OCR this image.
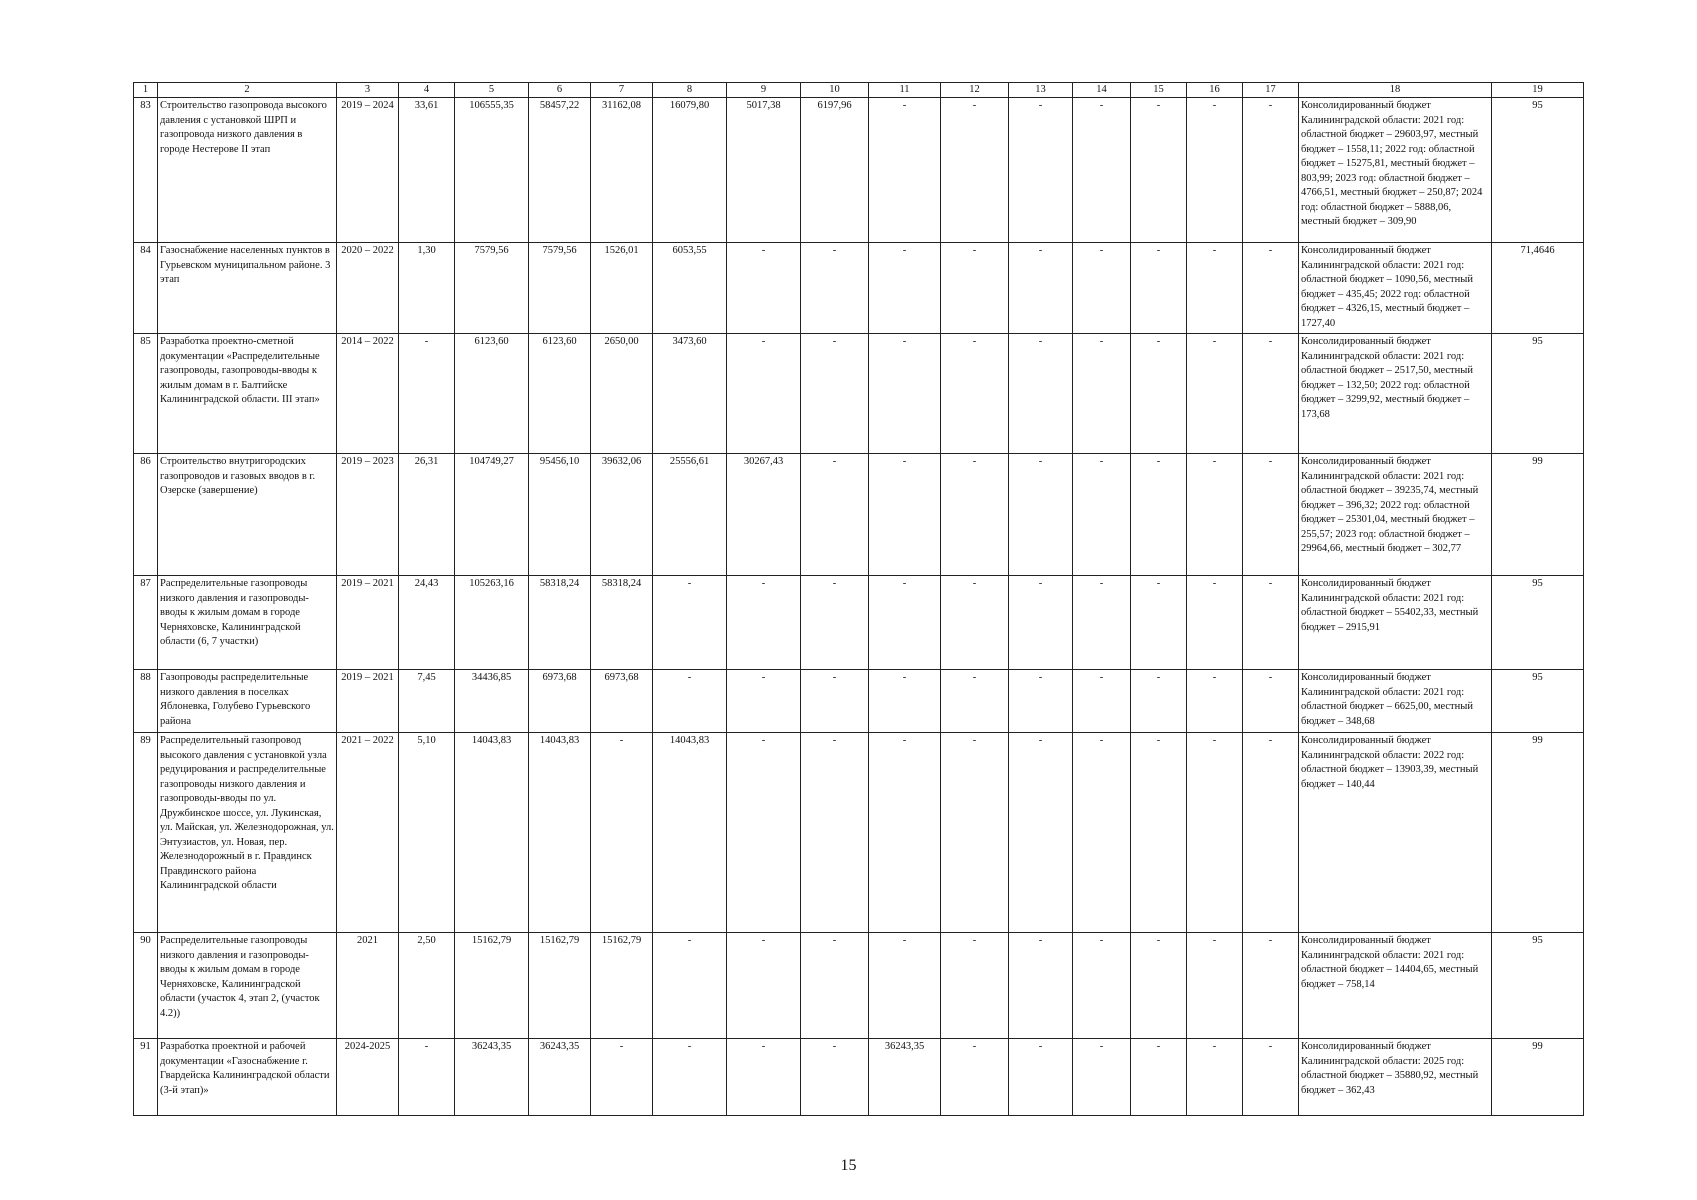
1	2	3	4	5	6	7	8	9	10	11	12	13	14	15	16	17	18	19
83	Строительство газопровода высокого давления с установкой ШРП и газопровода низкого давления в городе Нестерове II этап	2019 – 2024	33,61	106555,35	58457,22	31162,08	16079,80	5017,38	6197,96	-	-	-	-	-	-	-	Консолидированный бюджет Калининградской области: 2021 год: областной бюджет – 29603,97, местный бюджет – 1558,11; 2022 год: областной бюджет – 15275,81, местный бюджет – 803,99; 2023 год: областной бюджет – 4766,51, местный бюджет – 250,87; 2024 год: областной бюджет – 5888,06, местный бюджет – 309,90	95
84	Газоснабжение населенных пунктов в Гурьевском муниципальном районе. 3 этап	2020 – 2022	1,30	7579,56	7579,56	1526,01	6053,55	-	-	-	-	-	-	-	-	-	Консолидированный бюджет Калининградской области: 2021 год: областной бюджет – 1090,56, местный бюджет – 435,45; 2022 год: областной бюджет – 4326,15, местный бюджет – 1727,40	71,4646
85	Разработка проектно-сметной документации «Распределительные газопроводы, газопроводы-вводы к жилым домам в г. Балтийске Калининградской области. III этап»	2014 – 2022	-	6123,60	6123,60	2650,00	3473,60	-	-	-	-	-	-	-	-	-	Консолидированный бюджет Калининградской области: 2021 год: областной бюджет – 2517,50, местный бюджет – 132,50; 2022 год: областной бюджет – 3299,92, местный бюджет – 173,68	95
86	Строительство внутригородских газопроводов и газовых вводов в г. Озерске (завершение)	2019 – 2023	26,31	104749,27	95456,10	39632,06	25556,61	30267,43	-	-	-	-	-	-	-	-	Консолидированный бюджет Калининградской области: 2021 год: областной бюджет – 39235,74, местный бюджет – 396,32; 2022 год: областной бюджет – 25301,04, местный бюджет – 255,57; 2023 год: областной бюджет – 29964,66, местный бюджет – 302,77	99
87	Распределительные газопроводы низкого давления и газопроводы-вводы к жилым домам в городе Черняховске, Калининградской области (6, 7 участки)	2019 – 2021	24,43	105263,16	58318,24	58318,24	-	-	-	-	-	-	-	-	-	-	Консолидированный бюджет Калининградской области: 2021 год: областной бюджет – 55402,33, местный бюджет – 2915,91	95
88	Газопроводы распределительные низкого давления в поселках Яблоневка, Голубево Гурьевского района	2019 – 2021	7,45	34436,85	6973,68	6973,68	-	-	-	-	-	-	-	-	-	-	Консолидированный бюджет Калининградской области: 2021 год: областной бюджет – 6625,00, местный бюджет – 348,68	95
89	Распределительный газопровод высокого давления с установкой узла редуцирования и распределительные газопроводы низкого давления и газопроводы-вводы по ул. Дружбинское шоссе, ул. Лукинская, ул. Майская, ул. Железнодорожная, ул. Энтузиастов, ул. Новая, пер. Железнодорожный в г. Правдинск Правдинского района Калининградской области	2021 – 2022	5,10	14043,83	14043,83	-	14043,83	-	-	-	-	-	-	-	-	-	Консолидированный бюджет Калининградской области: 2022 год: областной бюджет – 13903,39, местный бюджет – 140,44	99
90	Распределительные газопроводы низкого давления и газопроводы-вводы к жилым домам в городе Черняховске, Калининградской области (участок 4, этап 2, (участок 4.2))	2021	2,50	15162,79	15162,79	15162,79	-	-	-	-	-	-	-	-	-	-	Консолидированный бюджет Калининградской области: 2021 год: областной бюджет – 14404,65, местный бюджет – 758,14	95
91	Разработка проектной и рабочей документации «Газоснабжение г. Гвардейска Калининградской области (3-й этап)»	2024-2025	-	36243,35	36243,35	-	-	-	-	36243,35	-	-	-	-	-	-	Консолидированный бюджет Калининградской области: 2025 год: областной бюджет – 35880,92, местный бюджет – 362,43	99
15
